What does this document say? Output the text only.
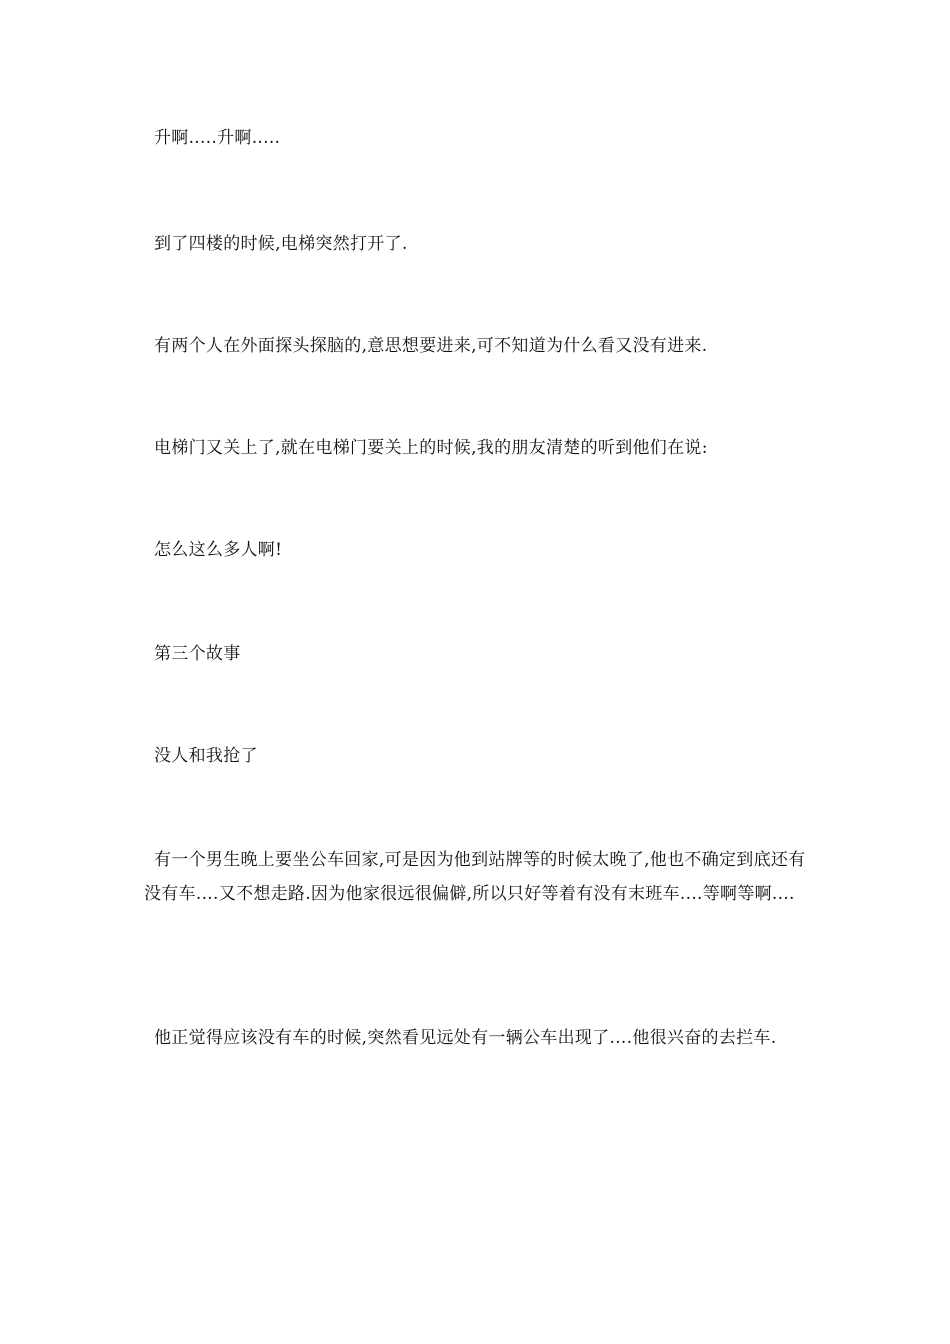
升啊.....升啊.....

到了四楼的时候,电梯突然打开了.

有两个人在外面探头探脑的,意思想要进来,可不知道为什么看又没有进来.

电梯门又关上了,就在电梯门要关上的时候,我的朋友清楚的听到他们在说:

怎么这么多人啊!

第三个故事

没人和我抢了

有一个男生晚上要坐公车回家,可是因为他到站牌等的时候太晚了,他也不确定到底还有没有车....又不想走路.因为他家很远很偏僻,所以只好等着有没有末班车....等啊等啊....

他正觉得应该没有车的时候,突然看见远处有一辆公车出现了....他很兴奋的去拦车.
